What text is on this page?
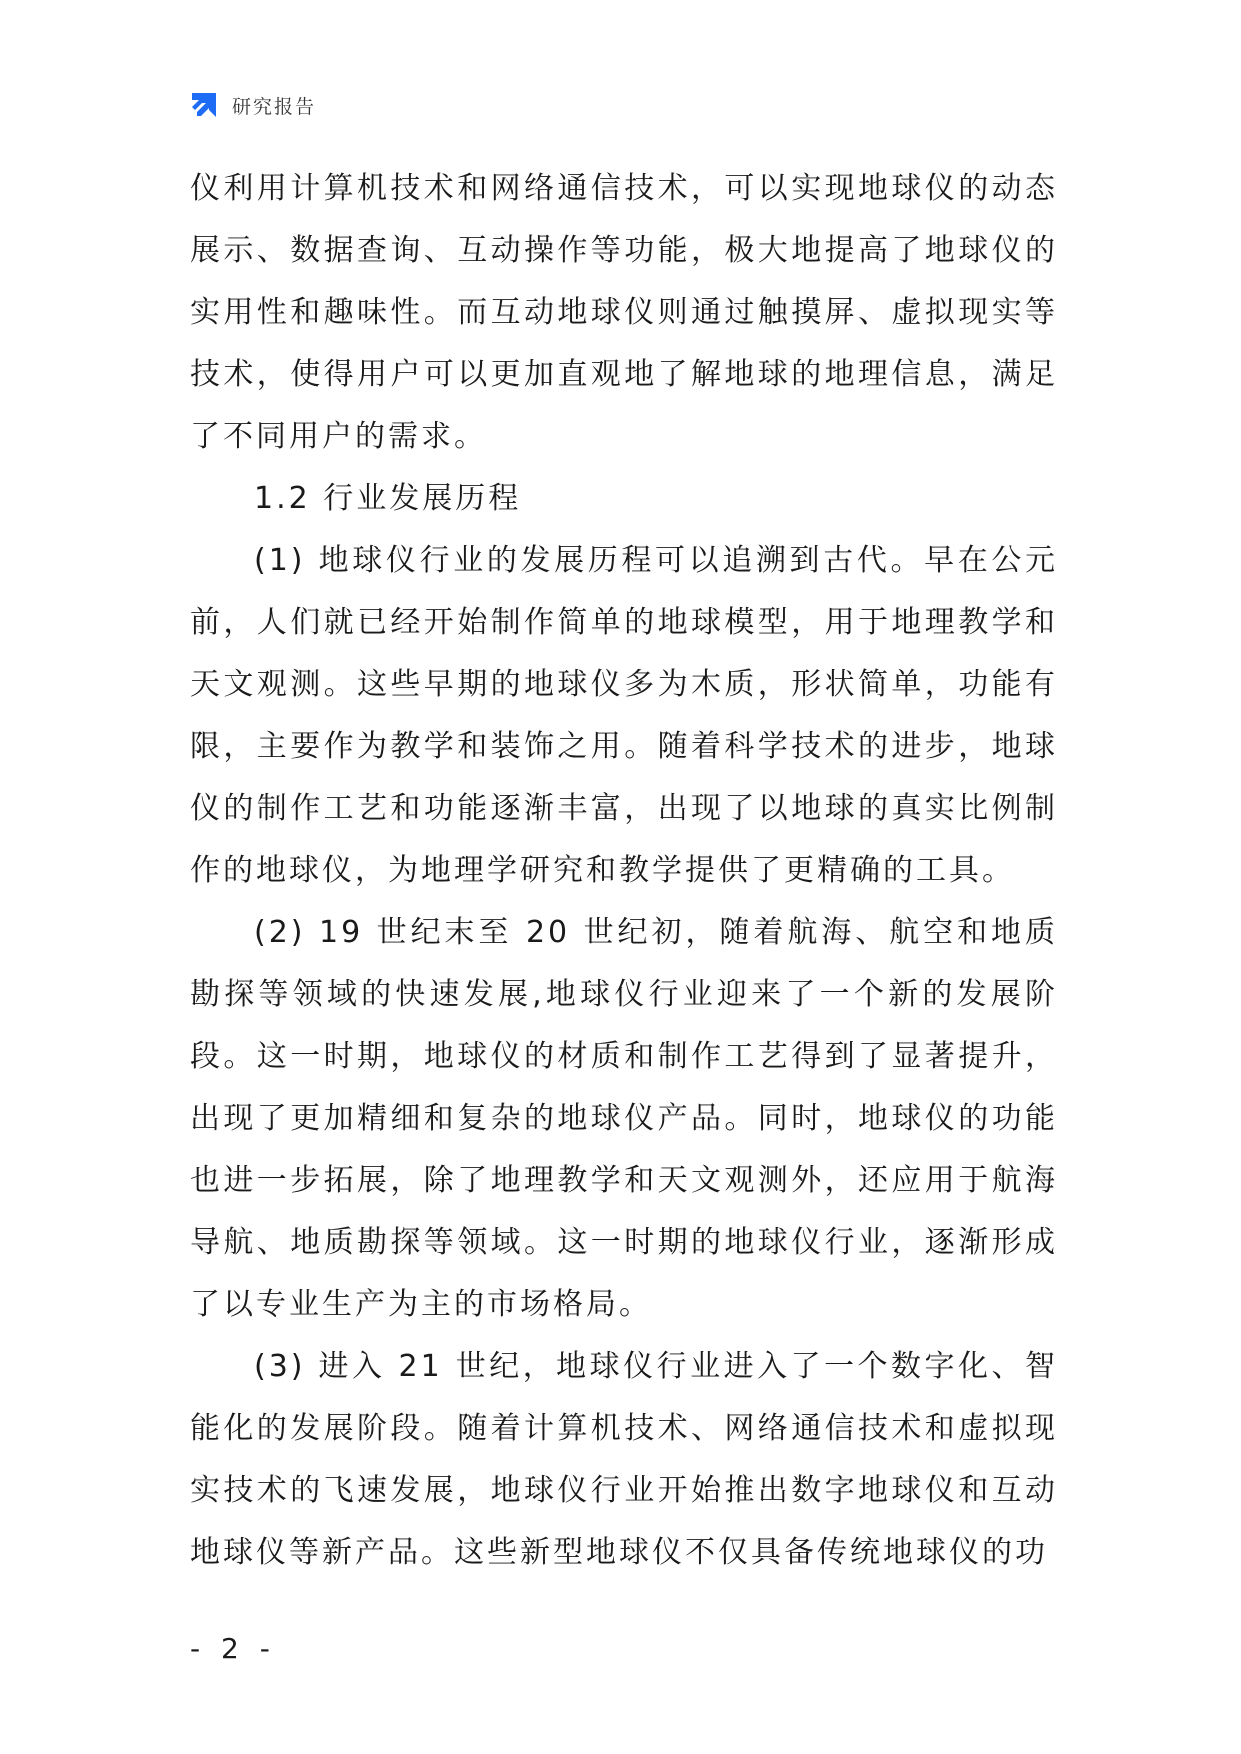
研究报告

仪利用计算机技术和网络通信技术，可以实现地球仪的动态展示、数据查询、互动操作等功能，极大地提高了地球仪的实用性和趣味性。而互动地球仪则通过触摸屏、虚拟现实等技术，使得用户可以更加直观地了解地球的地理信息，满足了不同用户的需求。

1.2 行业发展历程

(1) 地球仪行业的发展历程可以追溯到古代。早在公元前，人们就已经开始制作简单的地球模型，用于地理教学和天文观测。这些早期的地球仪多为木质，形状简单，功能有限，主要作为教学和装饰之用。随着科学技术的进步，地球仪的制作工艺和功能逐渐丰富，出现了以地球的真实比例制作的地球仪，为地理学研究和教学提供了更精确的工具。

(2) 19 世纪末至 20 世纪初，随着航海、航空和地质勘探等领域的快速发展,地球仪行业迎来了一个新的发展阶段。这一时期，地球仪的材质和制作工艺得到了显著提升，出现了更加精细和复杂的地球仪产品。同时，地球仪的功能也进一步拓展，除了地理教学和天文观测外，还应用于航海导航、地质勘探等领域。这一时期的地球仪行业，逐渐形成了以专业生产为主的市场格局。

(3) 进入 21 世纪，地球仪行业进入了一个数字化、智能化的发展阶段。随着计算机技术、网络通信技术和虚拟现实技术的飞速发展，地球仪行业开始推出数字地球仪和互动地球仪等新产品。这些新型地球仪不仅具备传统地球仪的功

- 2 -
